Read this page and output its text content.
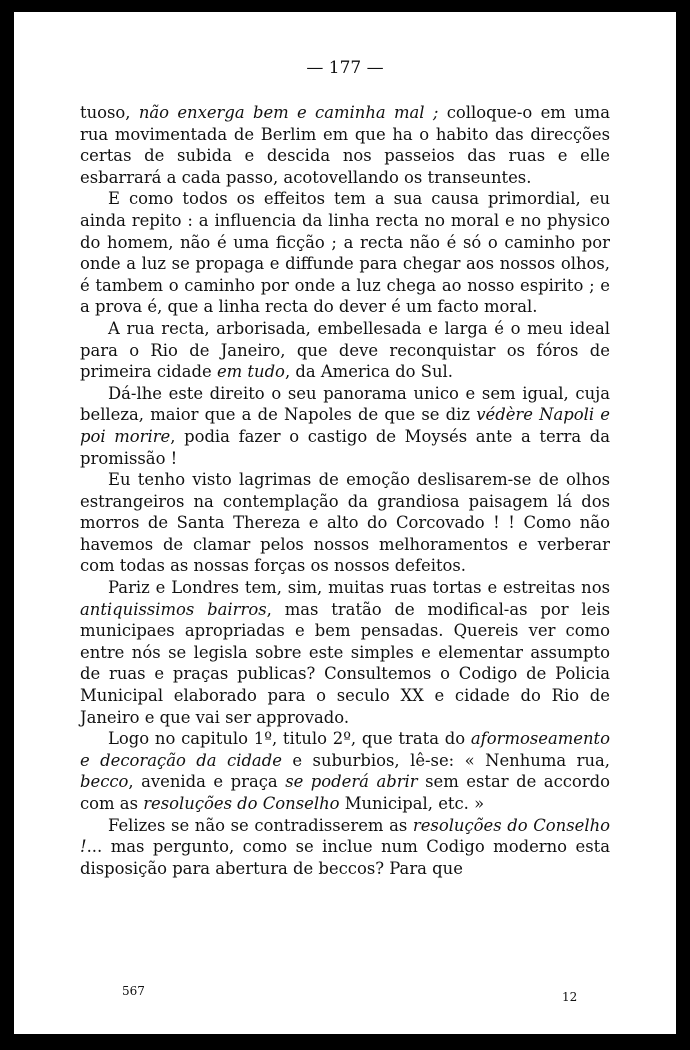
— 177 —

tuoso, não enxerga bem e caminha mal ; colloque-o em uma rua movimentada de Berlim em que ha o habito das direcções certas de subida e descida nos passeios das ruas e elle esbarrará a cada passo, acotovellando os transeuntes.

E como todos os effeitos tem a sua causa primordial, eu ainda repito : a influencia da linha recta no moral e no physico do homem, não é uma ficção ; a recta não é só o caminho por onde a luz se propaga e diffunde para chegar aos nossos olhos, é tambem o caminho por onde a luz chega ao nosso espirito ; e a prova é, que a linha recta do dever é um facto moral.

A rua recta, arborisada, embellesada e larga é o meu ideal para o Rio de Janeiro, que deve reconquistar os fóros de primeira cidade em tudo, da America do Sul.

Dá-lhe este direito o seu panorama unico e sem igual, cuja belleza, maior que a de Napoles de que se diz védère Napoli e poi morire, podia fazer o castigo de Moysés ante a terra da promissão !

Eu tenho visto lagrimas de emoção deslisarem-se de olhos estrangeiros na contemplação da grandiosa paisagem lá dos morros de Santa Thereza e alto do Corcovado ! ! Como não havemos de clamar pelos nossos melhoramentos e verberar com todas as nossas forças os nossos defeitos.

Pariz e Londres tem, sim, muitas ruas tortas e estreitas nos antiquissimos bairros, mas tratão de modifical-as por leis municipaes apropriadas e bem pensadas. Quereis ver como entre nós se legisla sobre este simples e elementar assumpto de ruas e praças publicas? Consultemos o Codigo de Policia Municipal elaborado para o seculo XX e cidade do Rio de Janeiro e que vai ser approvado.

Logo no capitulo 1º, titulo 2º, que trata do aformoseamento e decoração da cidade e suburbios, lê-se: « Nenhuma rua, becco, avenida e praça se poderá abrir sem estar de accordo com as resoluções do Conselho Municipal, etc. »

Felizes se não se contradisserem as resoluções do Conselho !... mas pergunto, como se inclue num Codigo moderno esta disposição para abertura de beccos? Para que

567	12
